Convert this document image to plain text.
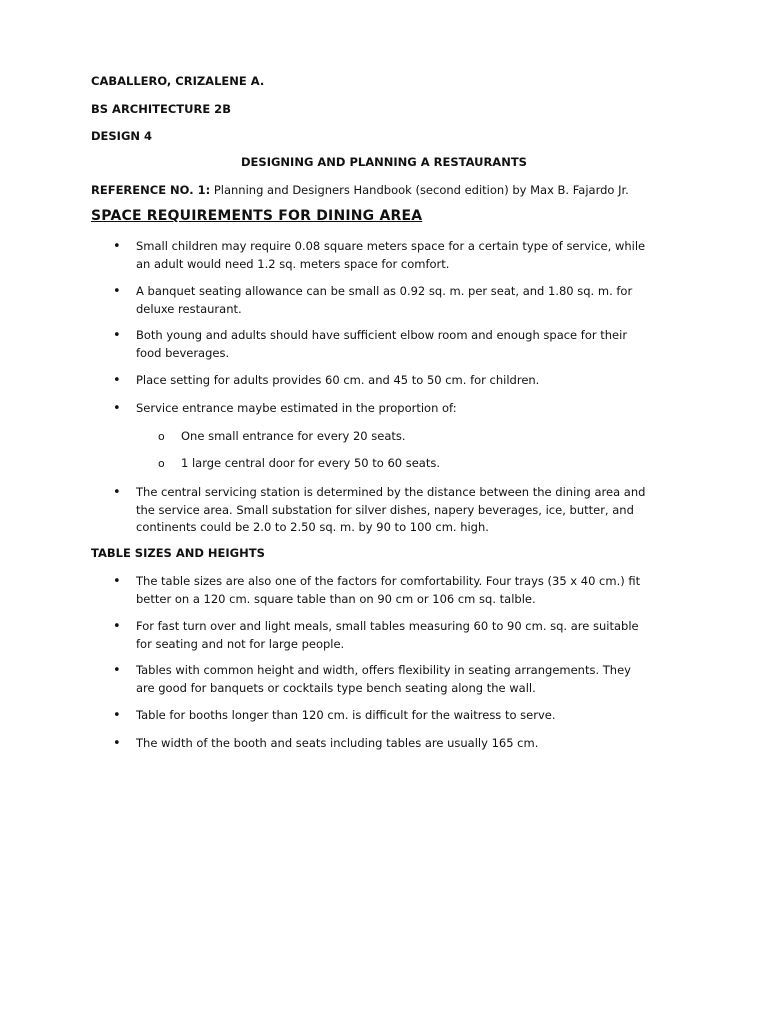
CABALLERO, CRIZALENE A.
BS ARCHITECTURE 2B
DESIGN 4
DESIGNING AND PLANNING A RESTAURANTS
REFERENCE NO. 1: Planning and Designers Handbook (second edition) by Max B. Fajardo Jr.
SPACE REQUIREMENTS FOR DINING AREA
• Small children may require 0.08 square meters space for a certain type of service, while
an adult would need 1.2 sq. meters space for comfort.
• A banquet seating allowance can be small as 0.92 sq. m. per seat, and 1.80 sq. m. for
deluxe restaurant.
• Both young and adults should have sufficient elbow room and enough space for their
food beverages.
• Place setting for adults provides 60 cm. and 45 to 50 cm. for children.
• Service entrance maybe estimated in the proportion of:
o One small entrance for every 20 seats.
o 1 large central door for every 50 to 60 seats.
• The central servicing station is determined by the distance between the dining area and
the service area. Small substation for silver dishes, napery beverages, ice, butter, and
continents could be 2.0 to 2.50 sq. m. by 90 to 100 cm. high.
TABLE SIZES AND HEIGHTS
• The table sizes are also one of the factors for comfortability. Four trays (35 x 40 cm.) fit
better on a 120 cm. square table than on 90 cm or 106 cm sq. talble.
• For fast turn over and light meals, small tables measuring 60 to 90 cm. sq. are suitable
for seating and not for large people.
• Tables with common height and width, offers flexibility in seating arrangements. They
are good for banquets or cocktails type bench seating along the wall.
• Table for booths longer than 120 cm. is difficult for the waitress to serve.
• The width of the booth and seats including tables are usually 165 cm.
